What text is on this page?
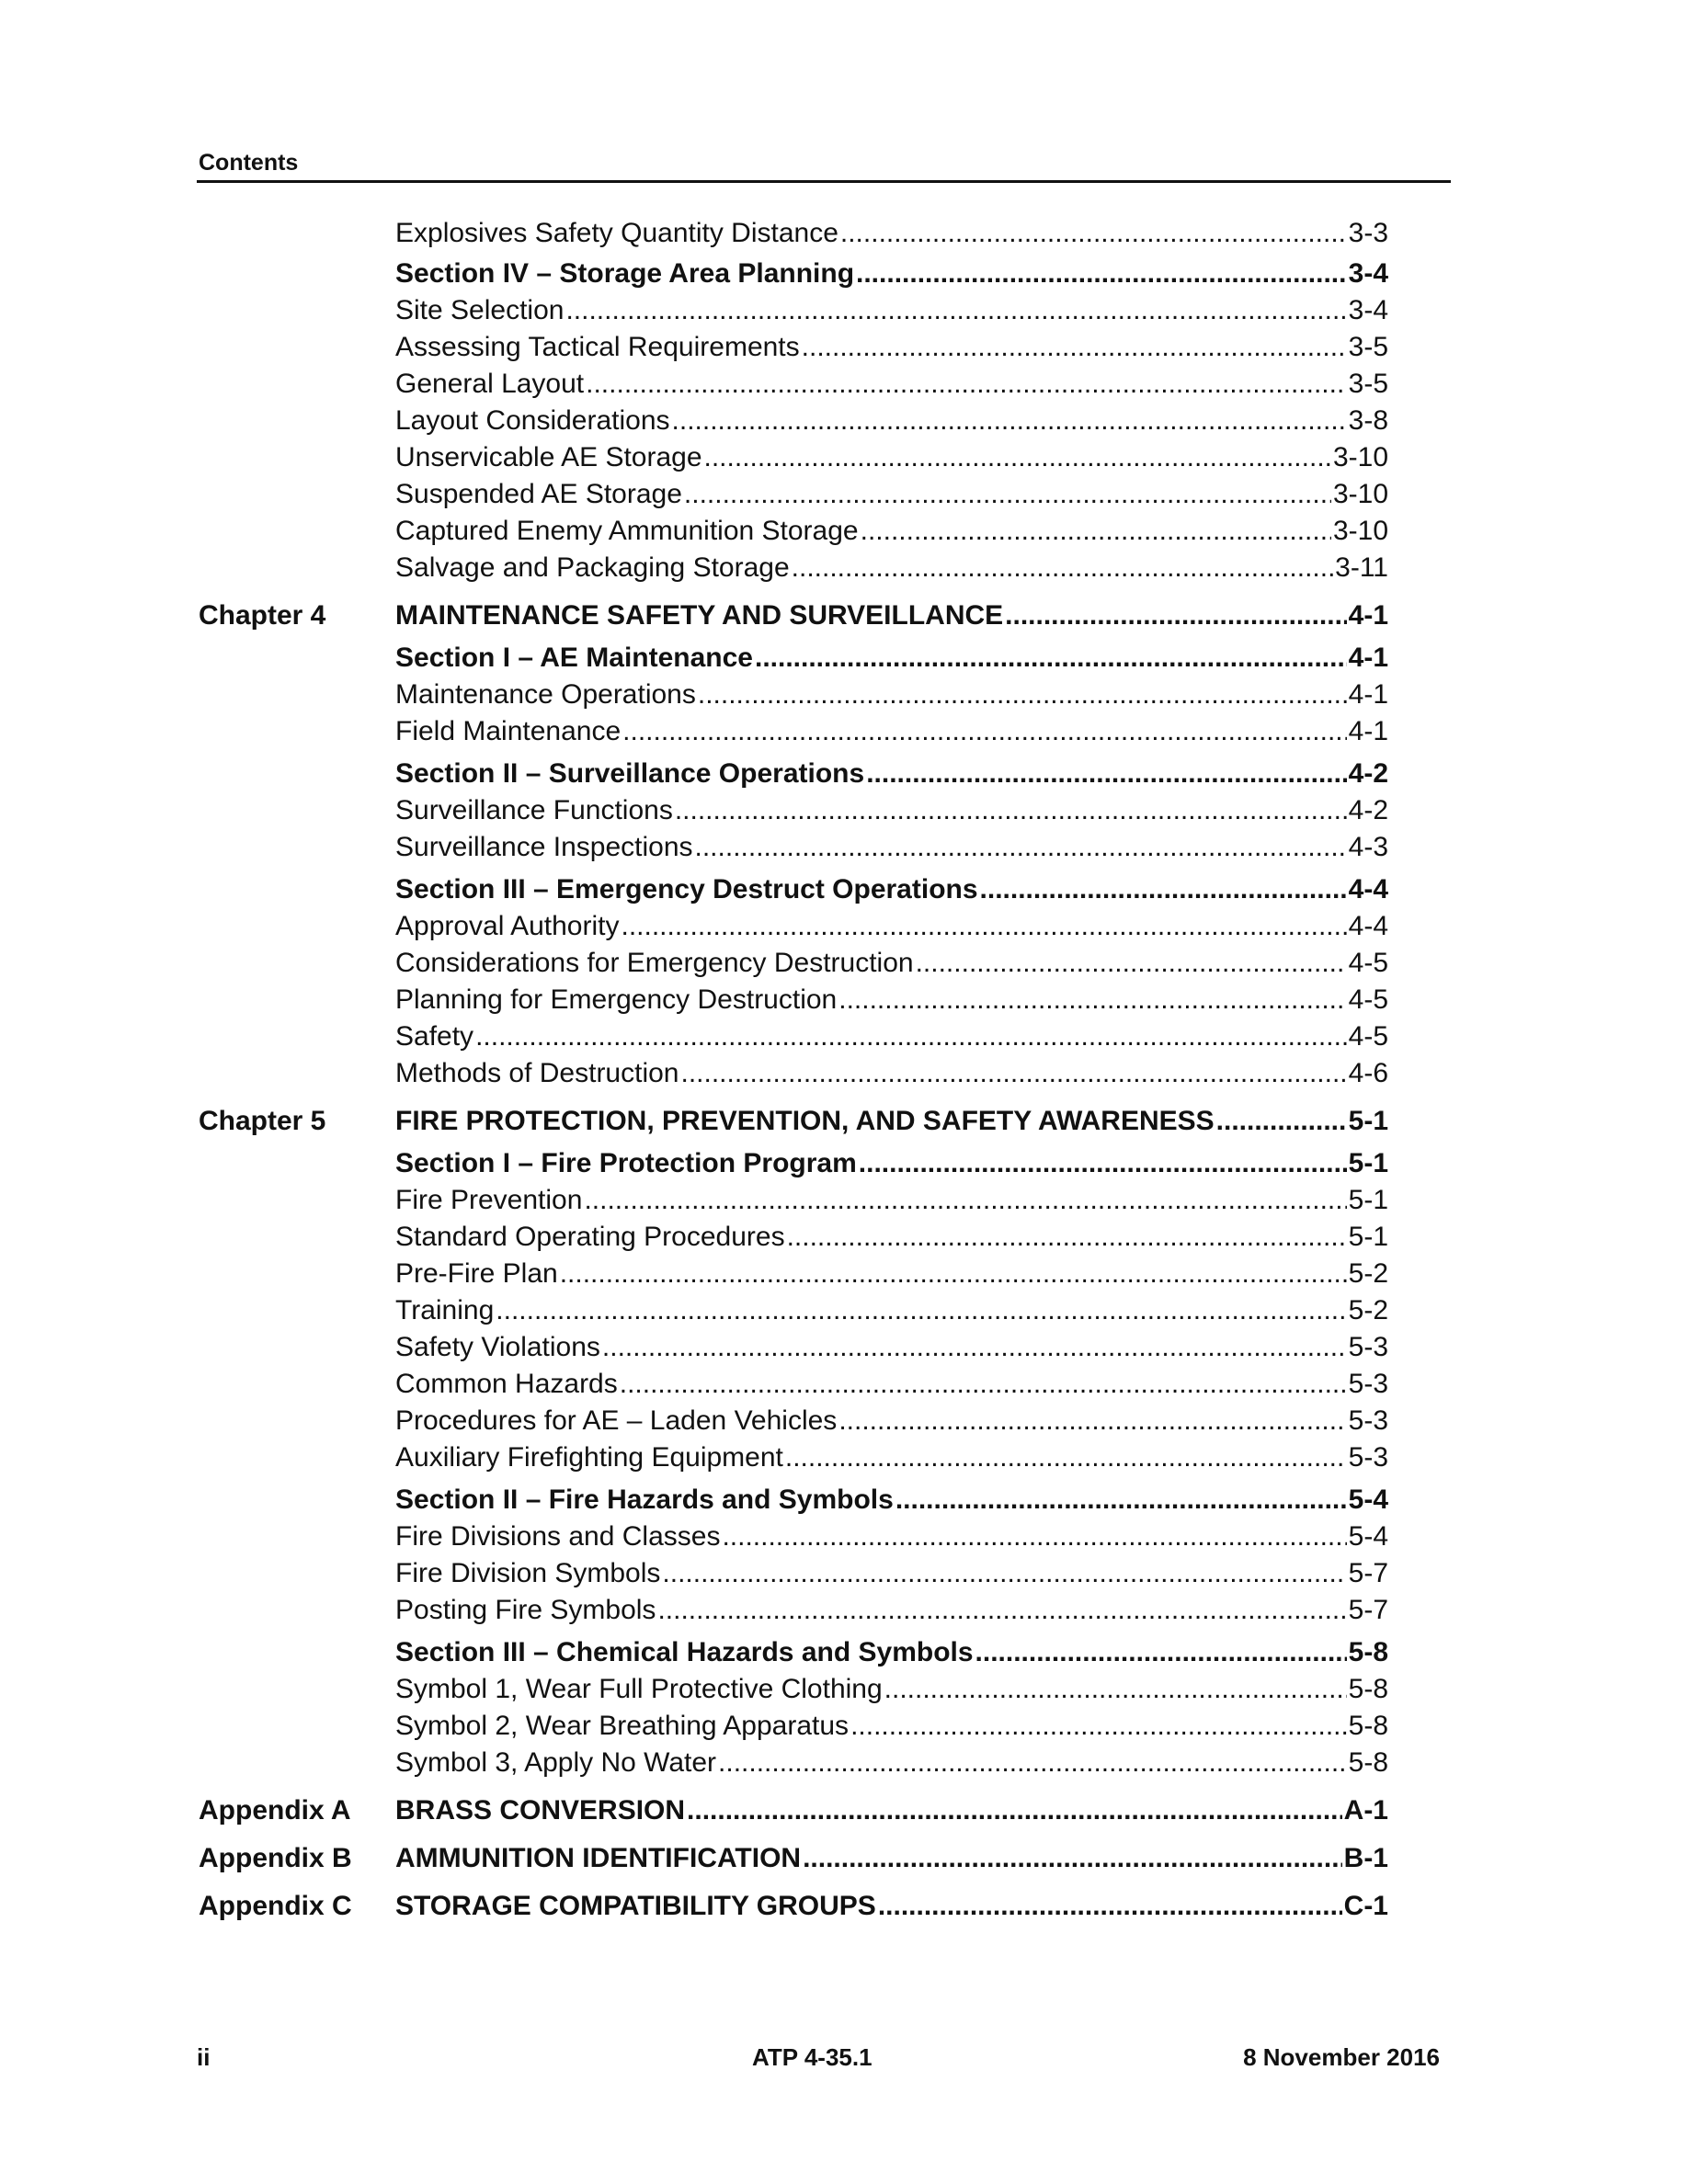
Contents
Explosives Safety Quantity Distance .....	3-3
Section IV – Storage Area Planning .....	3-4
Site Selection .....	3-4
Assessing Tactical Requirements .....	3-5
General Layout .....	3-5
Layout Considerations .....	3-8
Unservicable AE Storage .....	3-10
Suspended AE Storage .....	3-10
Captured Enemy Ammunition Storage .....	3-10
Salvage and Packaging Storage .....	3-11
Chapter 4	MAINTENANCE SAFETY AND SURVEILLANCE .....	4-1
Section I – AE Maintenance .....	4-1
Maintenance Operations .....	4-1
Field Maintenance .....	4-1
Section II – Surveillance Operations .....	4-2
Surveillance Functions .....	4-2
Surveillance Inspections .....	4-3
Section III – Emergency Destruct Operations .....	4-4
Approval Authority .....	4-4
Considerations for Emergency Destruction .....	4-5
Planning for Emergency Destruction .....	4-5
Safety .....	4-5
Methods of Destruction .....	4-6
Chapter 5	FIRE PROTECTION, PREVENTION, AND SAFETY AWARENESS .....	5-1
Section I – Fire Protection Program .....	5-1
Fire Prevention .....	5-1
Standard Operating Procedures .....	5-1
Pre-Fire Plan .....	5-2
Training .....	5-2
Safety Violations .....	5-3
Common Hazards .....	5-3
Procedures for AE – Laden Vehicles .....	5-3
Auxiliary Firefighting Equipment .....	5-3
Section II – Fire Hazards and Symbols .....	5-4
Fire Divisions and Classes .....	5-4
Fire Division Symbols .....	5-7
Posting Fire Symbols .....	5-7
Section III – Chemical Hazards and Symbols .....	5-8
Symbol 1, Wear Full Protective Clothing .....	5-8
Symbol 2, Wear Breathing Apparatus .....	5-8
Symbol 3, Apply No Water .....	5-8
Appendix A BRASS CONVERSION .....	A-1
Appendix B AMMUNITION IDENTIFICATION .....	B-1
Appendix C STORAGE COMPATIBILITY GROUPS .....	C-1
ii	ATP 4-35.1	8 November 2016
